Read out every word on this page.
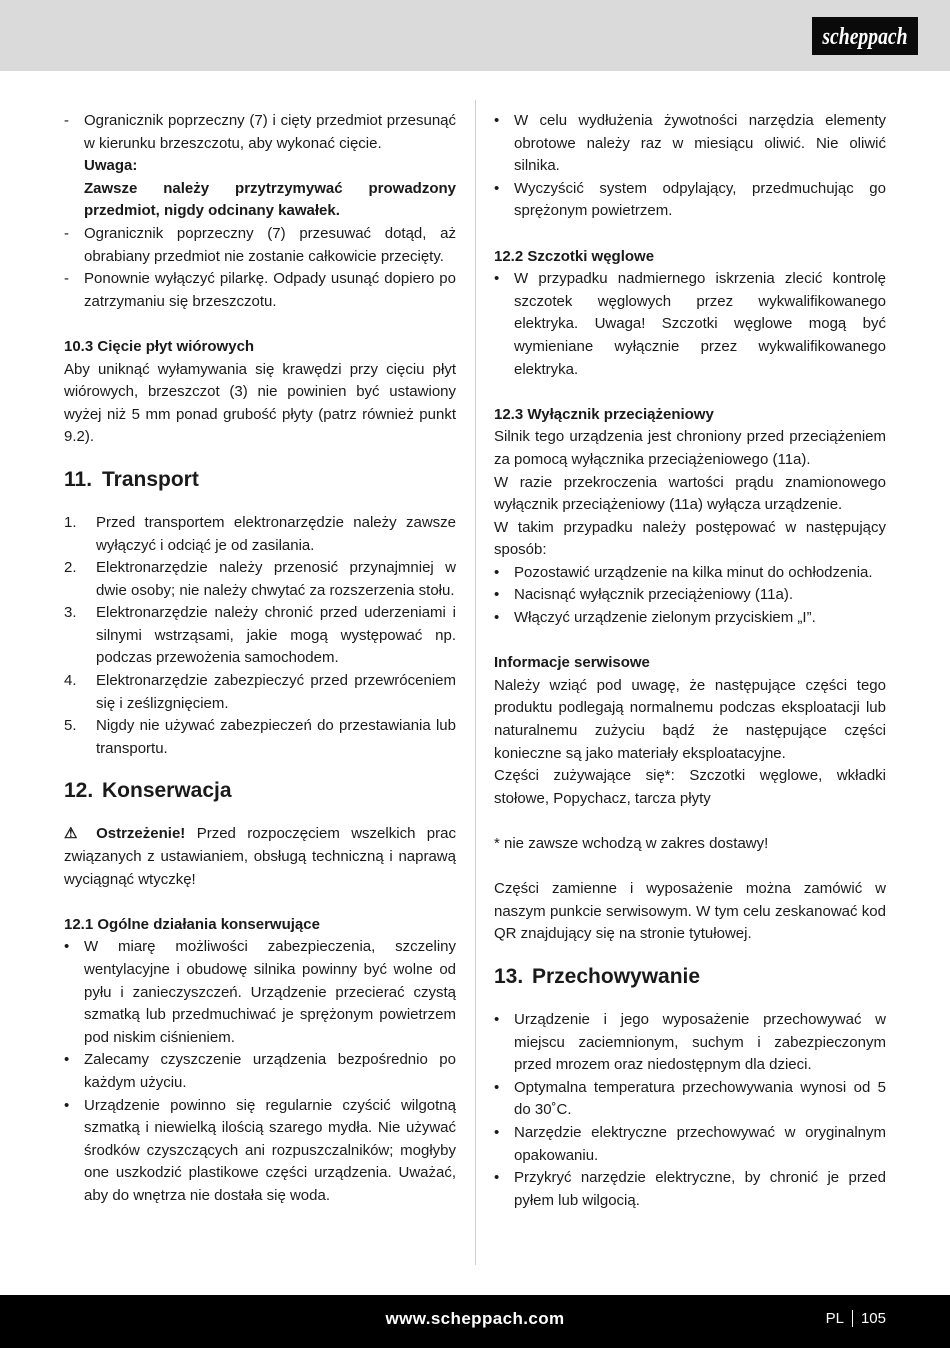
scheppach
- Ogranicznik poprzeczny (7) i cięty przedmiot przesunąć w kierunku brzeszczotu, aby wykonać cięcie.
Uwaga:
Zawsze należy przytrzymywać prowadzony przedmiot, nigdy odcinany kawałek.
- Ogranicznik poprzeczny (7) przesuwać dotąd, aż obrabiany przedmiot nie zostanie całkowicie przecięty.
- Ponownie wyłączyć pilarkę. Odpady usunąć dopiero po zatrzymaniu się brzeszczotu.

10.3 Cięcie płyt wiórowych

Aby uniknąć wyłamywania się krawędzi przy cięciu płyt wiórowych, brzeszczot (3) nie powinien być ustawiony wyżej niż 5 mm ponad grubość płyty (patrz również punkt 9.2).

11. Transport
1. Przed transportem elektronarzędzie należy zawsze wyłączyć i odciąć je od zasilania.
2. Elektronarzędzie należy przenosić przynajmniej w dwie osoby; nie należy chwytać za rozszerzenia stołu.
3. Elektronarzędzie należy chronić przed uderzeniami i silnymi wstrząsami, jakie mogą występować np. podczas przewożenia samochodem.
4. Elektronarzędzie zabezpieczyć przed przewróceniem się i ześlizgnięciem.
5. Nigdy nie używać zabezpieczeń do przestawiania lub transportu.
12. Konserwacja

⚠ Ostrzeżenie! Przed rozpoczęciem wszelkich prac związanych z ustawianiem, obsługą techniczną i naprawą wyciągnąć wtyczkę!

12.1 Ogólne działania konserwujące

• W miarę możliwości zabezpieczenia, szczeliny wentylacyjne i obudowę silnika powinny być wolne od pyłu i zanieczyszczeń. Urządzenie przecierać czystą szmatką lub przedmuchiwać je sprężonym powietrzem pod niskim ciśnieniem.
• Zalecamy czyszczenie urządzenia bezpośrednio po każdym użyciu.
• Urządzenie powinno się regularnie czyścić wilgotną szmatką i niewielką ilością szarego mydła. Nie używać środków czyszczących ani rozpuszczalników; mogłyby one uszkodzić plastikowe części urządzenia. Uważać, aby do wnętrza nie dostała się woda.
• W celu wydłużenia żywotności narzędzia elementy obrotowe należy raz w miesiącu oliwić. Nie oliwić silnika.
• Wyczyścić system odpylający, przedmuchując go sprężonym powietrzem.

12.2 Szczotki węglowe

• W przypadku nadmiernego iskrzenia zlecić kontrolę szczotek węglowych przez wykwalifikowanego elektryka. Uwaga! Szczotki węglowe mogą być wymieniane wyłącznie przez wykwalifikowanego elektryka.

12.3 Wyłącznik przeciążeniowy

Silnik tego urządzenia jest chroniony przed przeciążeniem za pomocą wyłącznika przeciążeniowego (11a).

W razie przekroczenia wartości prądu znamionowego wyłącznik przeciążeniowy (11a) wyłącza urządzenie.

W takim przypadku należy postępować w następujący sposób:

• Pozostawić urządzenie na kilka minut do ochłodzenia.
• Nacisnąć wyłącznik przeciążeniowy (11a).
• Włączyć urządzenie zielonym przyciskiem „I”.

Informacje serwisowe

Należy wziąć pod uwagę, że następujące części tego produktu podlegają normalnemu podczas eksploatacji lub naturalnemu zużyciu bądź że następujące części konieczne są jako materiały eksploatacyjne.

Części zużywające się*: Szczotki węglowe, wkładki stołowe, Popychacz, tarcza płyty

* nie zawsze wchodzą w zakres dostawy!

Części zamienne i wyposażenie można zamówić w naszym punkcie serwisowym. W tym celu zeskanować kod QR znajdujący się na stronie tytułowej.

13. Przechowywanie
• Urządzenie i jego wyposażenie przechowywać w miejscu zaciemnionym, suchym i zabezpieczonym przed mrozem oraz niedostępnym dla dzieci.
• Optymalna temperatura przechowywania wynosi od 5 do 30˚C.
• Narzędzie elektryczne przechowywać w oryginalnym opakowaniu.
• Przykryć narzędzie elektryczne, by chronić je przed pyłem lub wilgocią.
www.scheppach.com	PL 105
